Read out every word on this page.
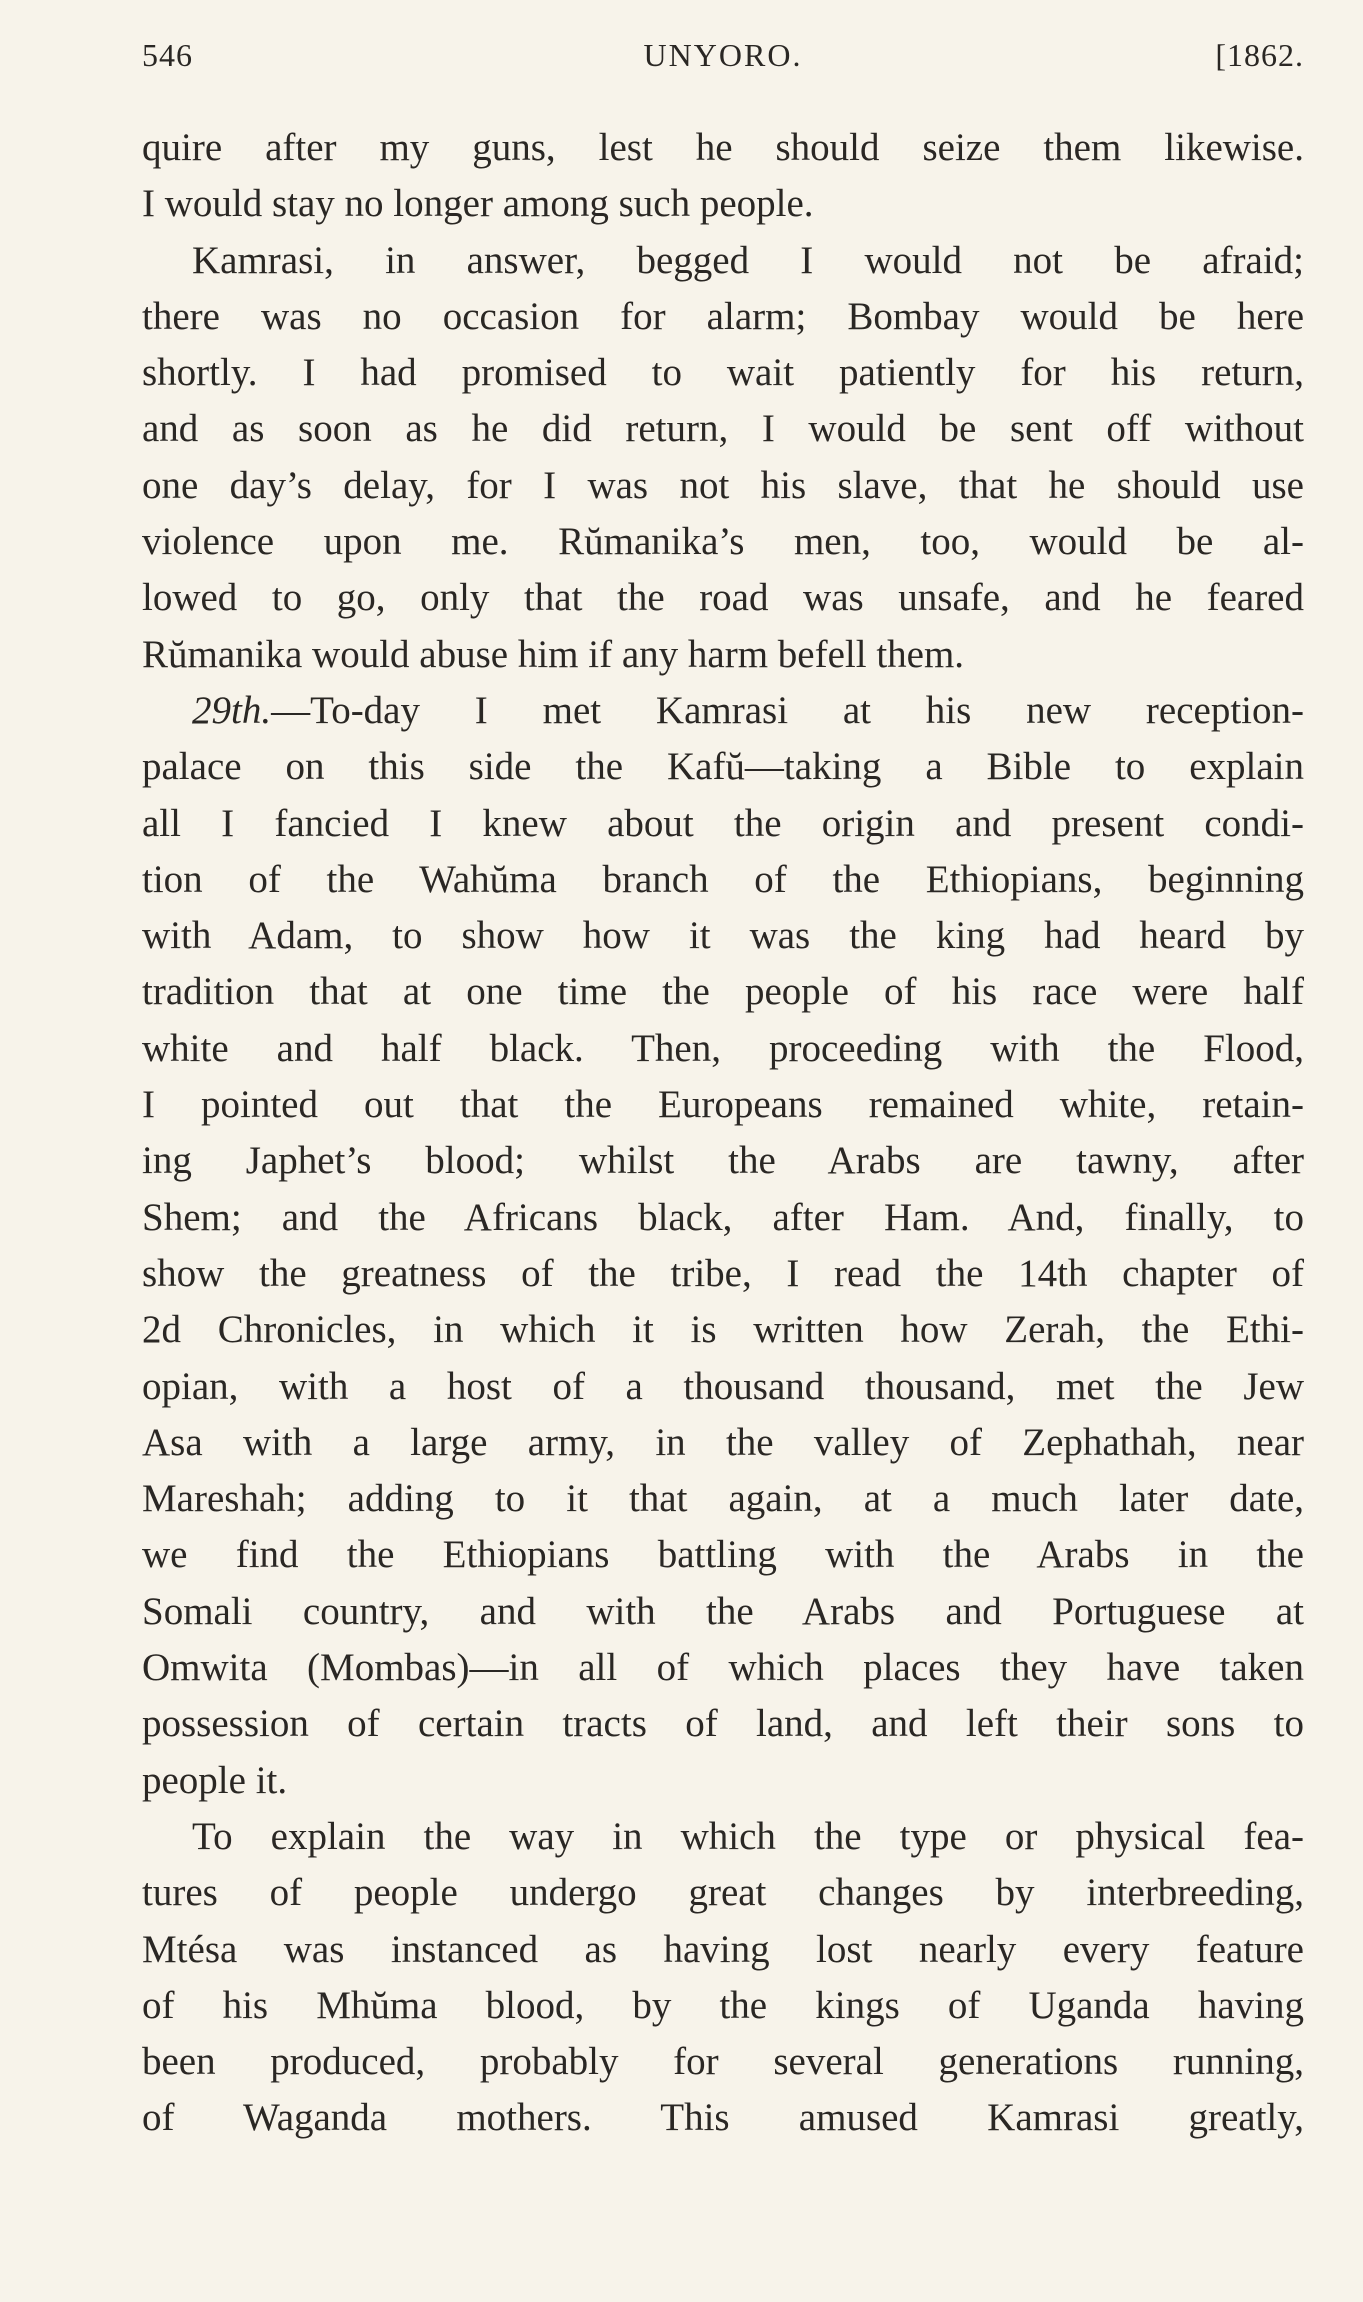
546	UNYORO.	[1862.
quire after my guns, lest he should seize them likewise.
I would stay no longer among such people.
Kamrasi, in answer, begged I would not be afraid;
there was no occasion for alarm; Bombay would be here
shortly. I had promised to wait patiently for his return,
and as soon as he did return, I would be sent off without
one day’s delay, for I was not his slave, that he should use
violence upon me. Rŭmanika’s men, too, would be al-
lowed to go, only that the road was unsafe, and he feared
Rŭmanika would abuse him if any harm befell them.
29th.—To-day I met Kamrasi at his new reception-
palace on this side the Kafŭ—taking a Bible to explain
all I fancied I knew about the origin and present condi-
tion of the Wahŭma branch of the Ethiopians, beginning
with Adam, to show how it was the king had heard by
tradition that at one time the people of his race were half
white and half black. Then, proceeding with the Flood,
I pointed out that the Europeans remained white, retain-
ing Japhet’s blood; whilst the Arabs are tawny, after
Shem; and the Africans black, after Ham. And, finally, to
show the greatness of the tribe, I read the 14th chapter of
2d Chronicles, in which it is written how Zerah, the Ethi-
opian, with a host of a thousand thousand, met the Jew
Asa with a large army, in the valley of Zephathah, near
Mareshah; adding to it that again, at a much later date,
we find the Ethiopians battling with the Arabs in the
Somali country, and with the Arabs and Portuguese at
Omwita (Mombas)—in all of which places they have taken
possession of certain tracts of land, and left their sons to
people it.
To explain the way in which the type or physical fea-
tures of people undergo great changes by interbreeding,
Mtésa was instanced as having lost nearly every feature
of his Mhŭma blood, by the kings of Uganda having
been produced, probably for several generations running,
of Waganda mothers. This amused Kamrasi greatly,
